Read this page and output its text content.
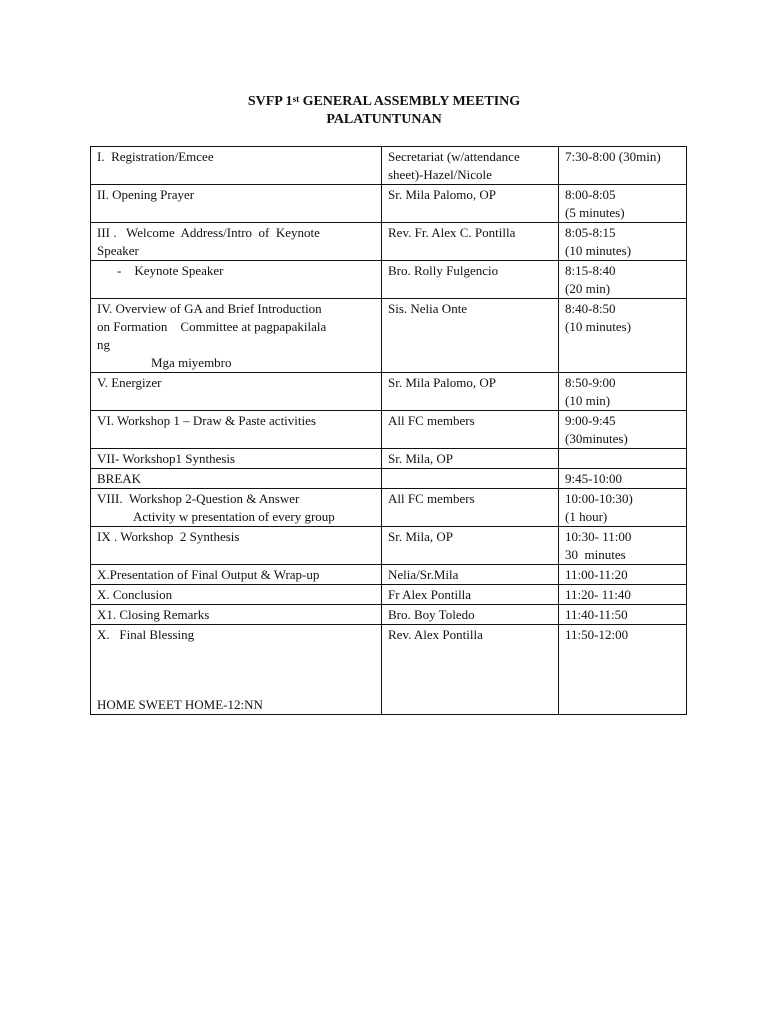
SVFP 1st GENERAL ASSEMBLY MEETING
PALATUNTUNAN
I.  Registration/Emcee	Secretariat (w/attendance
sheet)-Hazel/Nicole	7:30-8:00 (30min)

II. Opening Prayer	Sr. Mila Palomo, OP	8:00-8:05
(5 minutes)

III .   Welcome  Address/Intro  of  Keynote
Speaker	Rev. Fr. Alex C. Pontilla	8:05-8:15
(10 minutes)

-    Keynote Speaker	Bro. Rolly Fulgencio	8:15-8:40
(20 min)

IV. Overview of GA and Brief Introduction
on Formation    Committee at pagpapakilala
ng
Mga miyembro	Sis. Nelia Onte	8:40-8:50
(10 minutes)

V. Energizer	Sr. Mila Palomo, OP	8:50-9:00
(10 min)

VI. Workshop 1 – Draw & Paste activities	All FC members	9:00-9:45
(30minutes)

VII- Workshop1 Synthesis	Sr. Mila, OP	

BREAK		9:45-10:00

VIII.  Workshop 2-Question & Answer
Activity w presentation of every group	All FC members	10:00-10:30)
(1 hour)

IX . Workshop  2 Synthesis	Sr. Mila, OP	10:30- 11:00
30  minutes

X.Presentation of Final Output & Wrap-up	Nelia/Sr.Mila	11:00-11:20

X. Conclusion	Fr Alex Pontilla	11:20- 11:40

X1. Closing Remarks	Bro. Boy Toledo	11:40-11:50

X.   Final Blessing
HOME SWEET HOME-12:NN	Rev. Alex Pontilla	11:50-12:00
